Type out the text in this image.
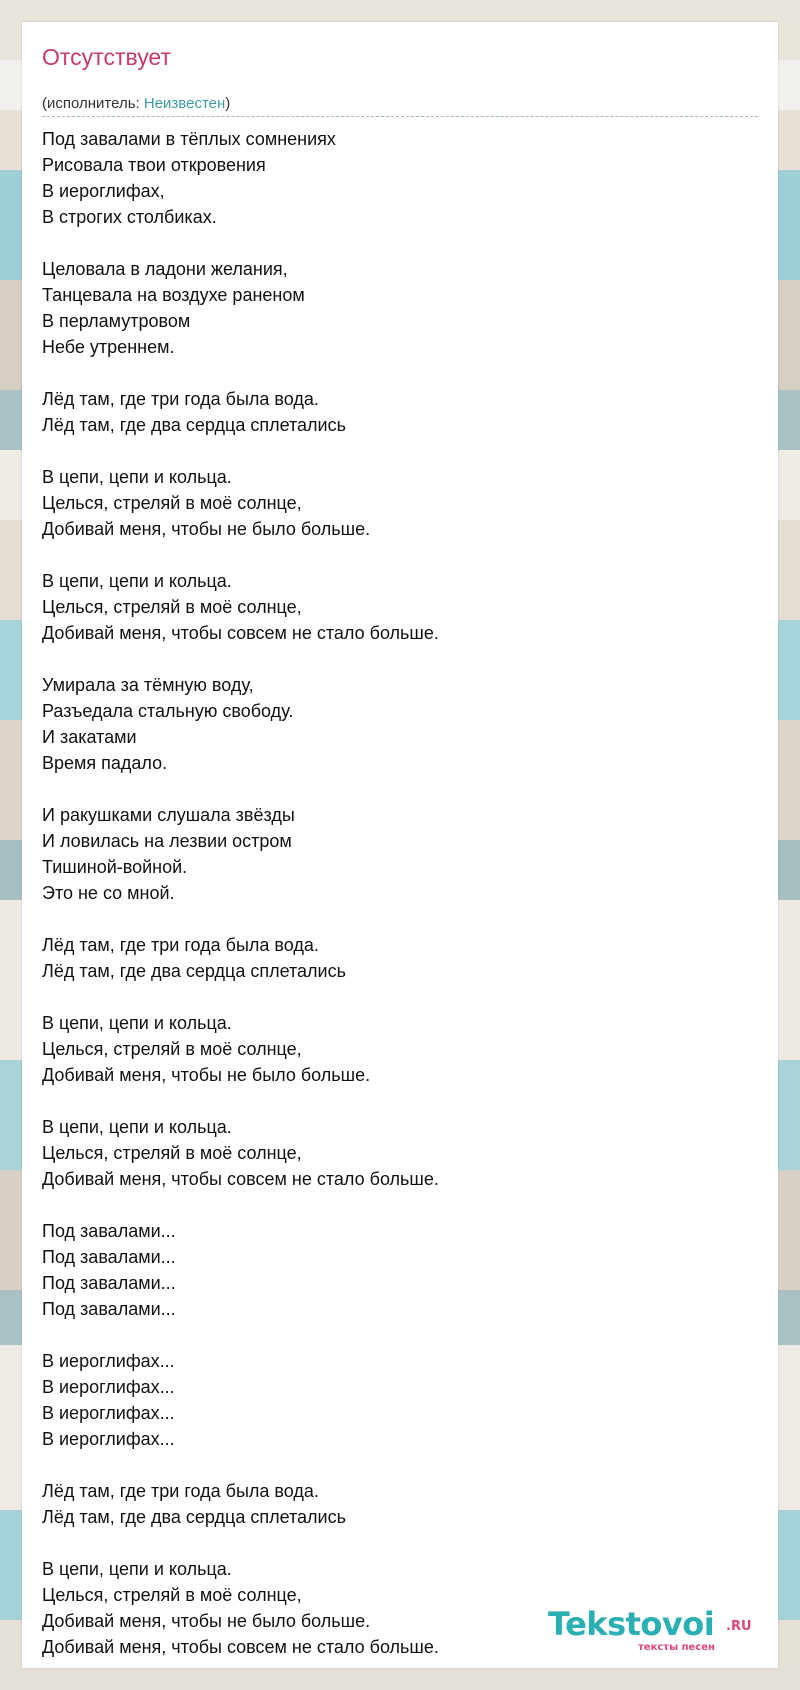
Отсутствует
(исполнитель: Неизвестен)
Под завалами в тёплых сомнениях
Рисовала твои откровения
В иероглифах,
В строгих столбиках.
Целовала в ладони желания,
Танцевала на воздухе раненом
В перламутровом
Небе утреннем.
Лёд там, где три года была вода.
Лёд там, где два сердца сплетались
В цепи, цепи и кольца.
Целься, стреляй в моё солнце,
Добивай меня, чтобы не было больше.
В цепи, цепи и кольца.
Целься, стреляй в моё солнце,
Добивай меня, чтобы совсем не стало больше.
Умирала за тёмную воду,
Разъедала стальную свободу.
И закатами
Время падало.
И ракушками слушала звёзды
И ловилась на лезвии остром
Тишиной-войной.
Это не со мной.
Лёд там, где три года была вода.
Лёд там, где два сердца сплетались
В цепи, цепи и кольца.
Целься, стреляй в моё солнце,
Добивай меня, чтобы не было больше.
В цепи, цепи и кольца.
Целься, стреляй в моё солнце,
Добивай меня, чтобы совсем не стало больше.
Под завалами...
Под завалами...
Под завалами...
Под завалами...
В иероглифах...
В иероглифах...
В иероглифах...
В иероглифах...
Лёд там, где три года была вода.
Лёд там, где два сердца сплетались
В цепи, цепи и кольца.
Целься, стреляй в моё солнце,
Добивай меня, чтобы не было больше.
Добивай меня, чтобы совсем не стало больше.
Tekstovoi .RU
тексты песен
